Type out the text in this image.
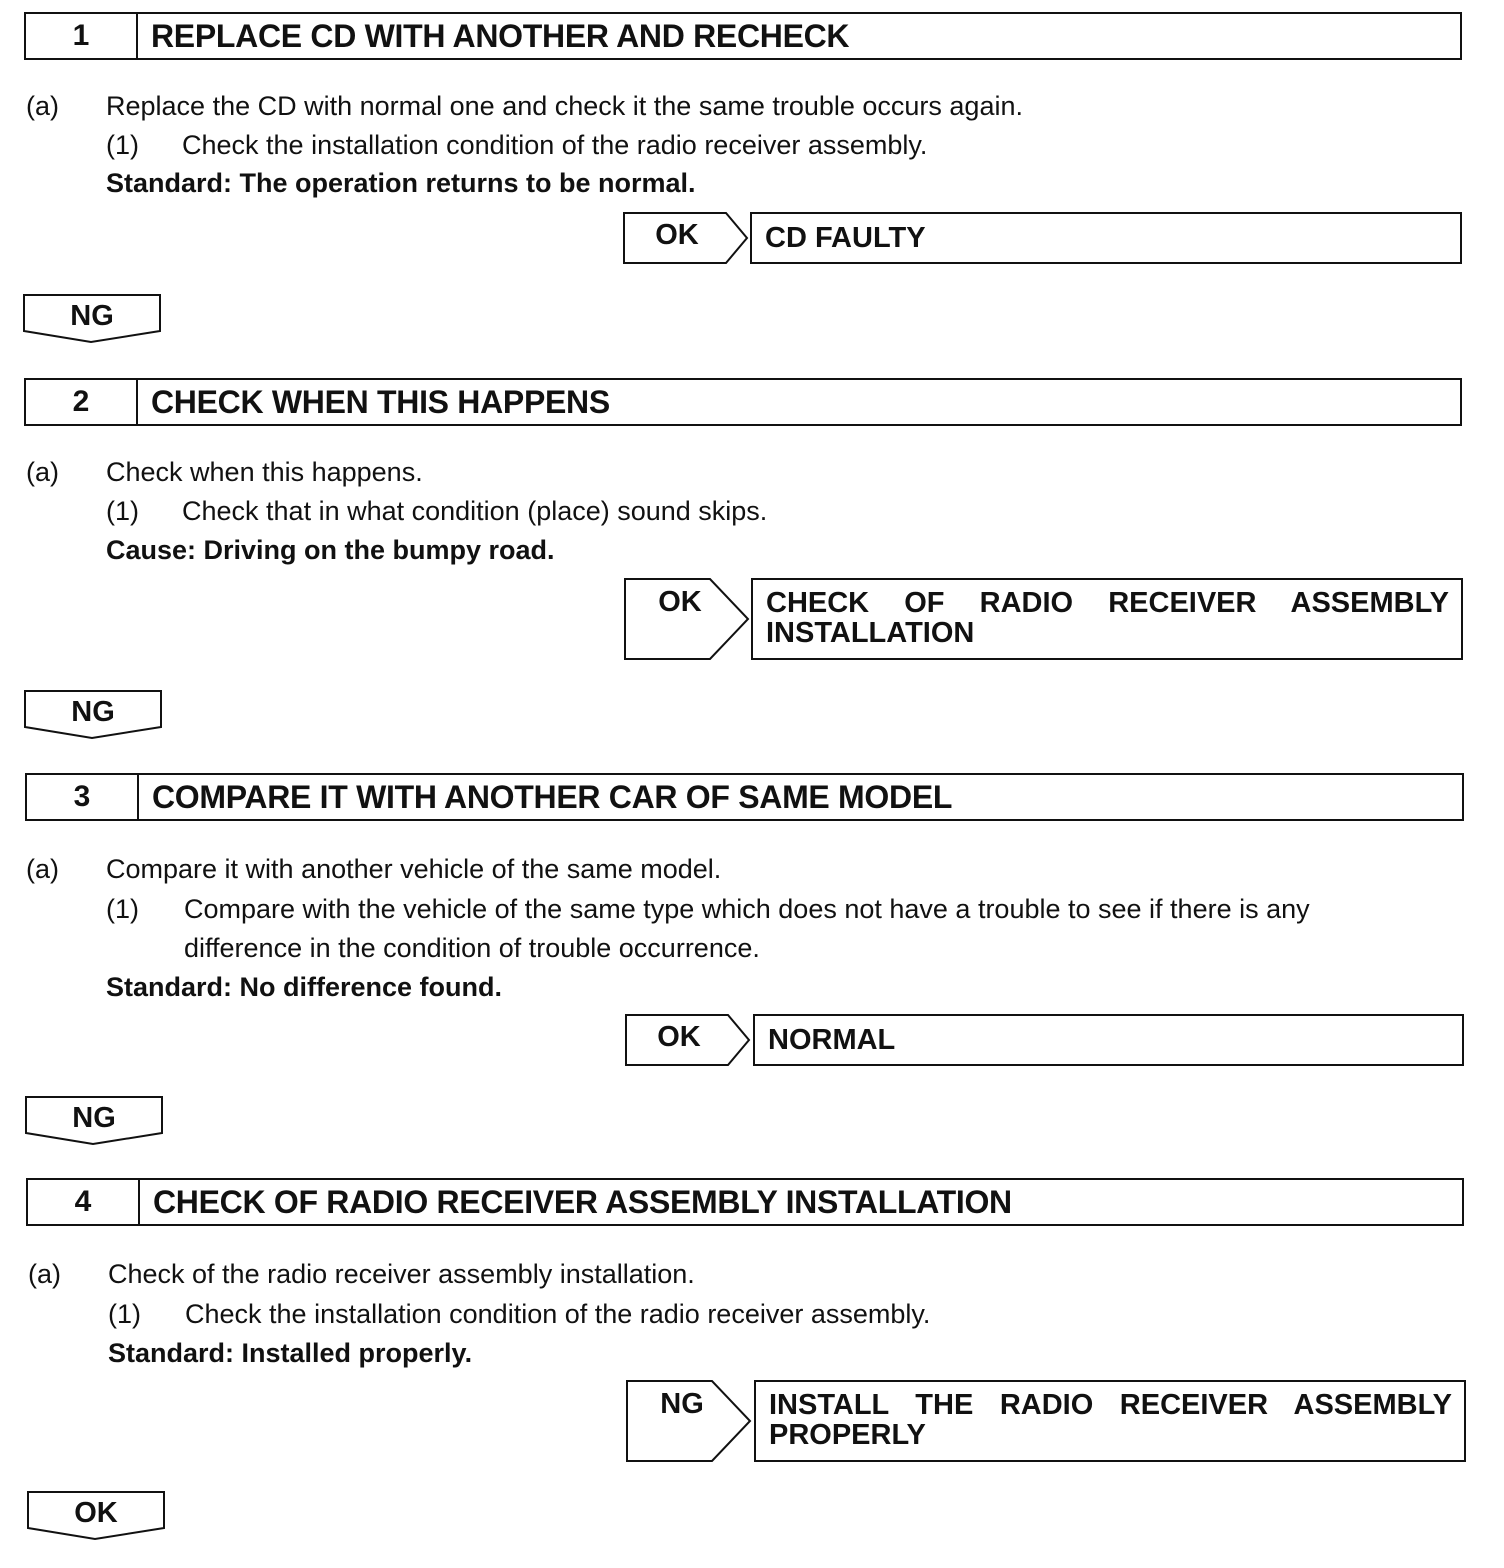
1	REPLACE CD WITH ANOTHER AND RECHECK
(a) Replace the CD with normal one and check it the same trouble occurs again.
(1) Check the installation condition of the radio receiver assembly.
Standard: The operation returns to be normal.
OK	CD FAULTY
NG
2	CHECK WHEN THIS HAPPENS
(a) Check when this happens.
(1) Check that in what condition (place) sound skips.
Cause: Driving on the bumpy road.
OK	CHECK OF RADIO RECEIVER ASSEMBLY
INSTALLATION
NG
3	COMPARE IT WITH ANOTHER CAR OF SAME MODEL
(a) Compare it with another vehicle of the same model.
(1) Compare with the vehicle of the same type which does not have a trouble to see if there is any
difference in the condition of trouble occurrence.
Standard: No difference found.
OK	NORMAL
NG
4	CHECK OF RADIO RECEIVER ASSEMBLY INSTALLATION
(a) Check of the radio receiver assembly installation.
(1) Check the installation condition of the radio receiver assembly.
Standard: Installed properly.
NG	INSTALL THE RADIO RECEIVER ASSEMBLY
PROPERLY
OK
